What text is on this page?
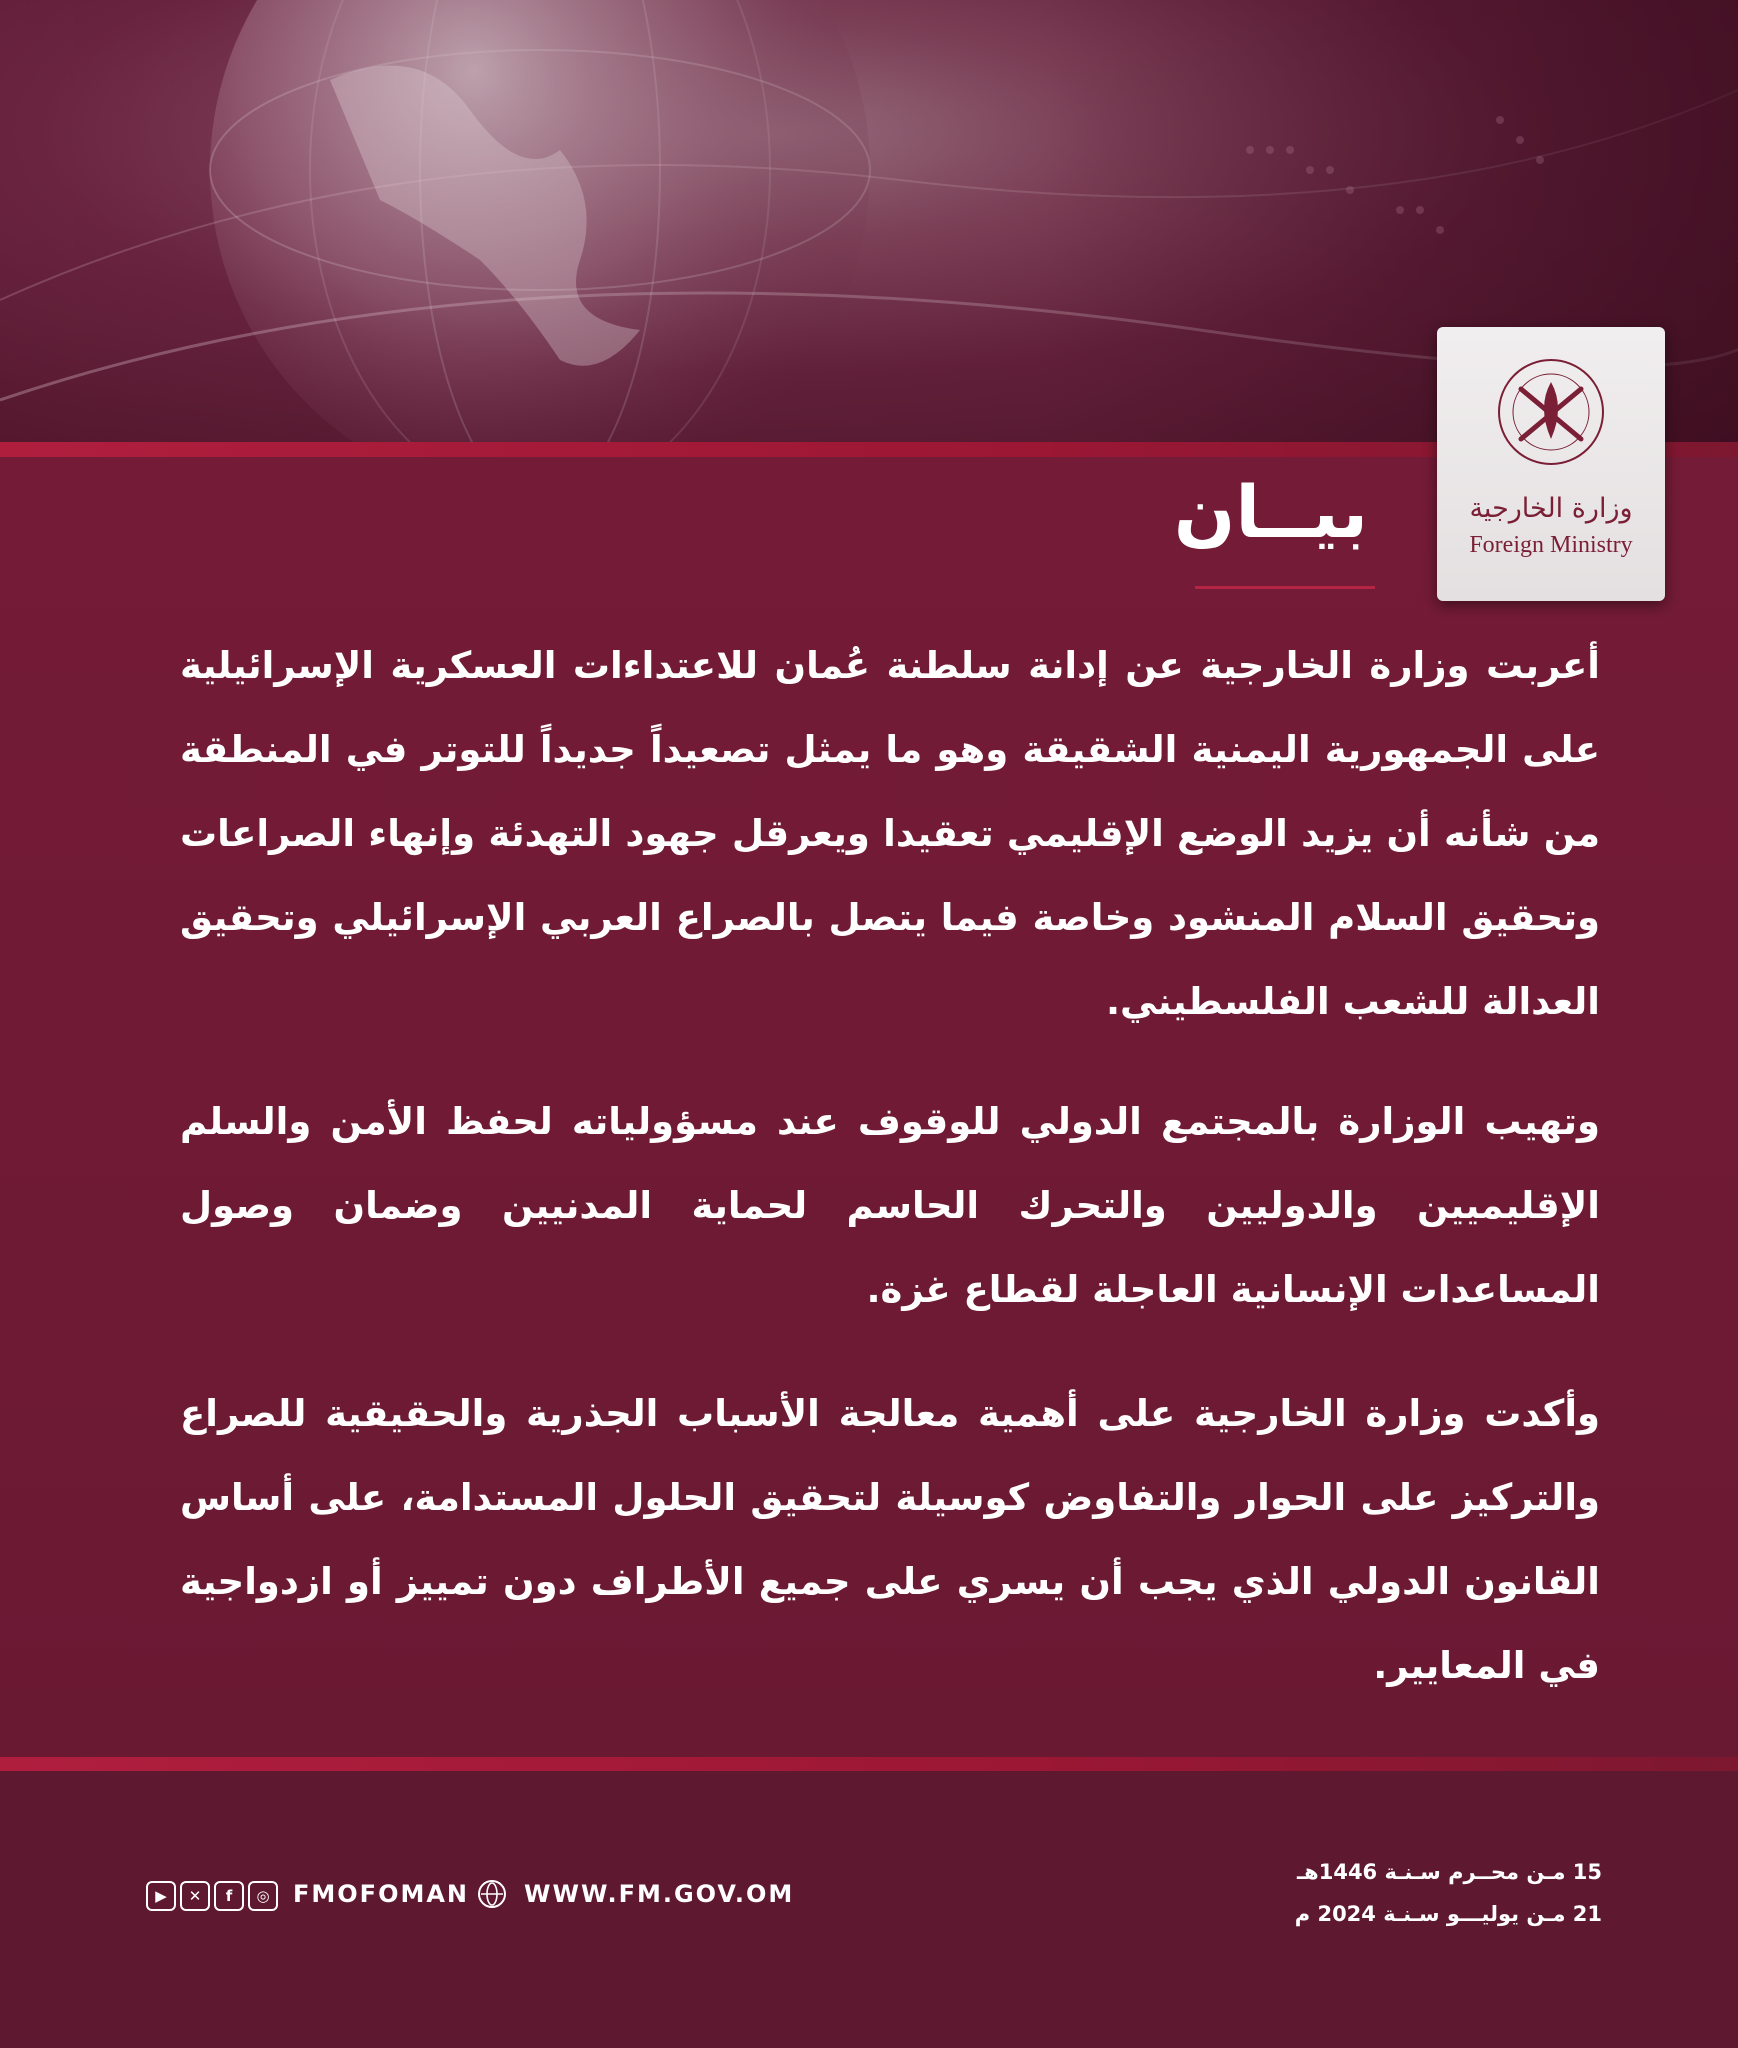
وزارة الخارجية
Foreign Ministry
بيــان

أعربت وزارة الخارجية عن إدانة سلطنة عُمان للاعتداءات العسكرية الإسرائيلية على الجمهورية اليمنية الشقيقة وهو ما يمثل تصعيداً جديداً للتوتر في المنطقة من شأنه أن يزيد الوضع الإقليمي تعقيدا ويعرقل جهود التهدئة وإنهاء الصراعات وتحقيق السلام المنشود وخاصة فيما يتصل بالصراع العربي الإسرائيلي وتحقيق العدالة للشعب الفلسطيني.

وتهيب الوزارة بالمجتمع الدولي للوقوف عند مسؤولياته لحفظ الأمن والسلم الإقليميين والدوليين والتحرك الحاسم لحماية المدنيين وضمان وصول المساعدات الإنسانية العاجلة لقطاع غزة.

وأكدت وزارة الخارجية على أهمية معالجة الأسباب الجذرية والحقيقية للصراع والتركيز على الحوار والتفاوض كوسيلة لتحقيق الحلول المستدامة، على أساس القانون الدولي الذي يجب أن يسري على جميع الأطراف دون تمييز أو ازدواجية في المعايير.

▶	✕	f	◎ FMOFOMAN WWW.FM.GOV.OM
15 مـن محــرم سـنـة 1446هـ
21 مـن يوليـــو سـنـة 2024 م
